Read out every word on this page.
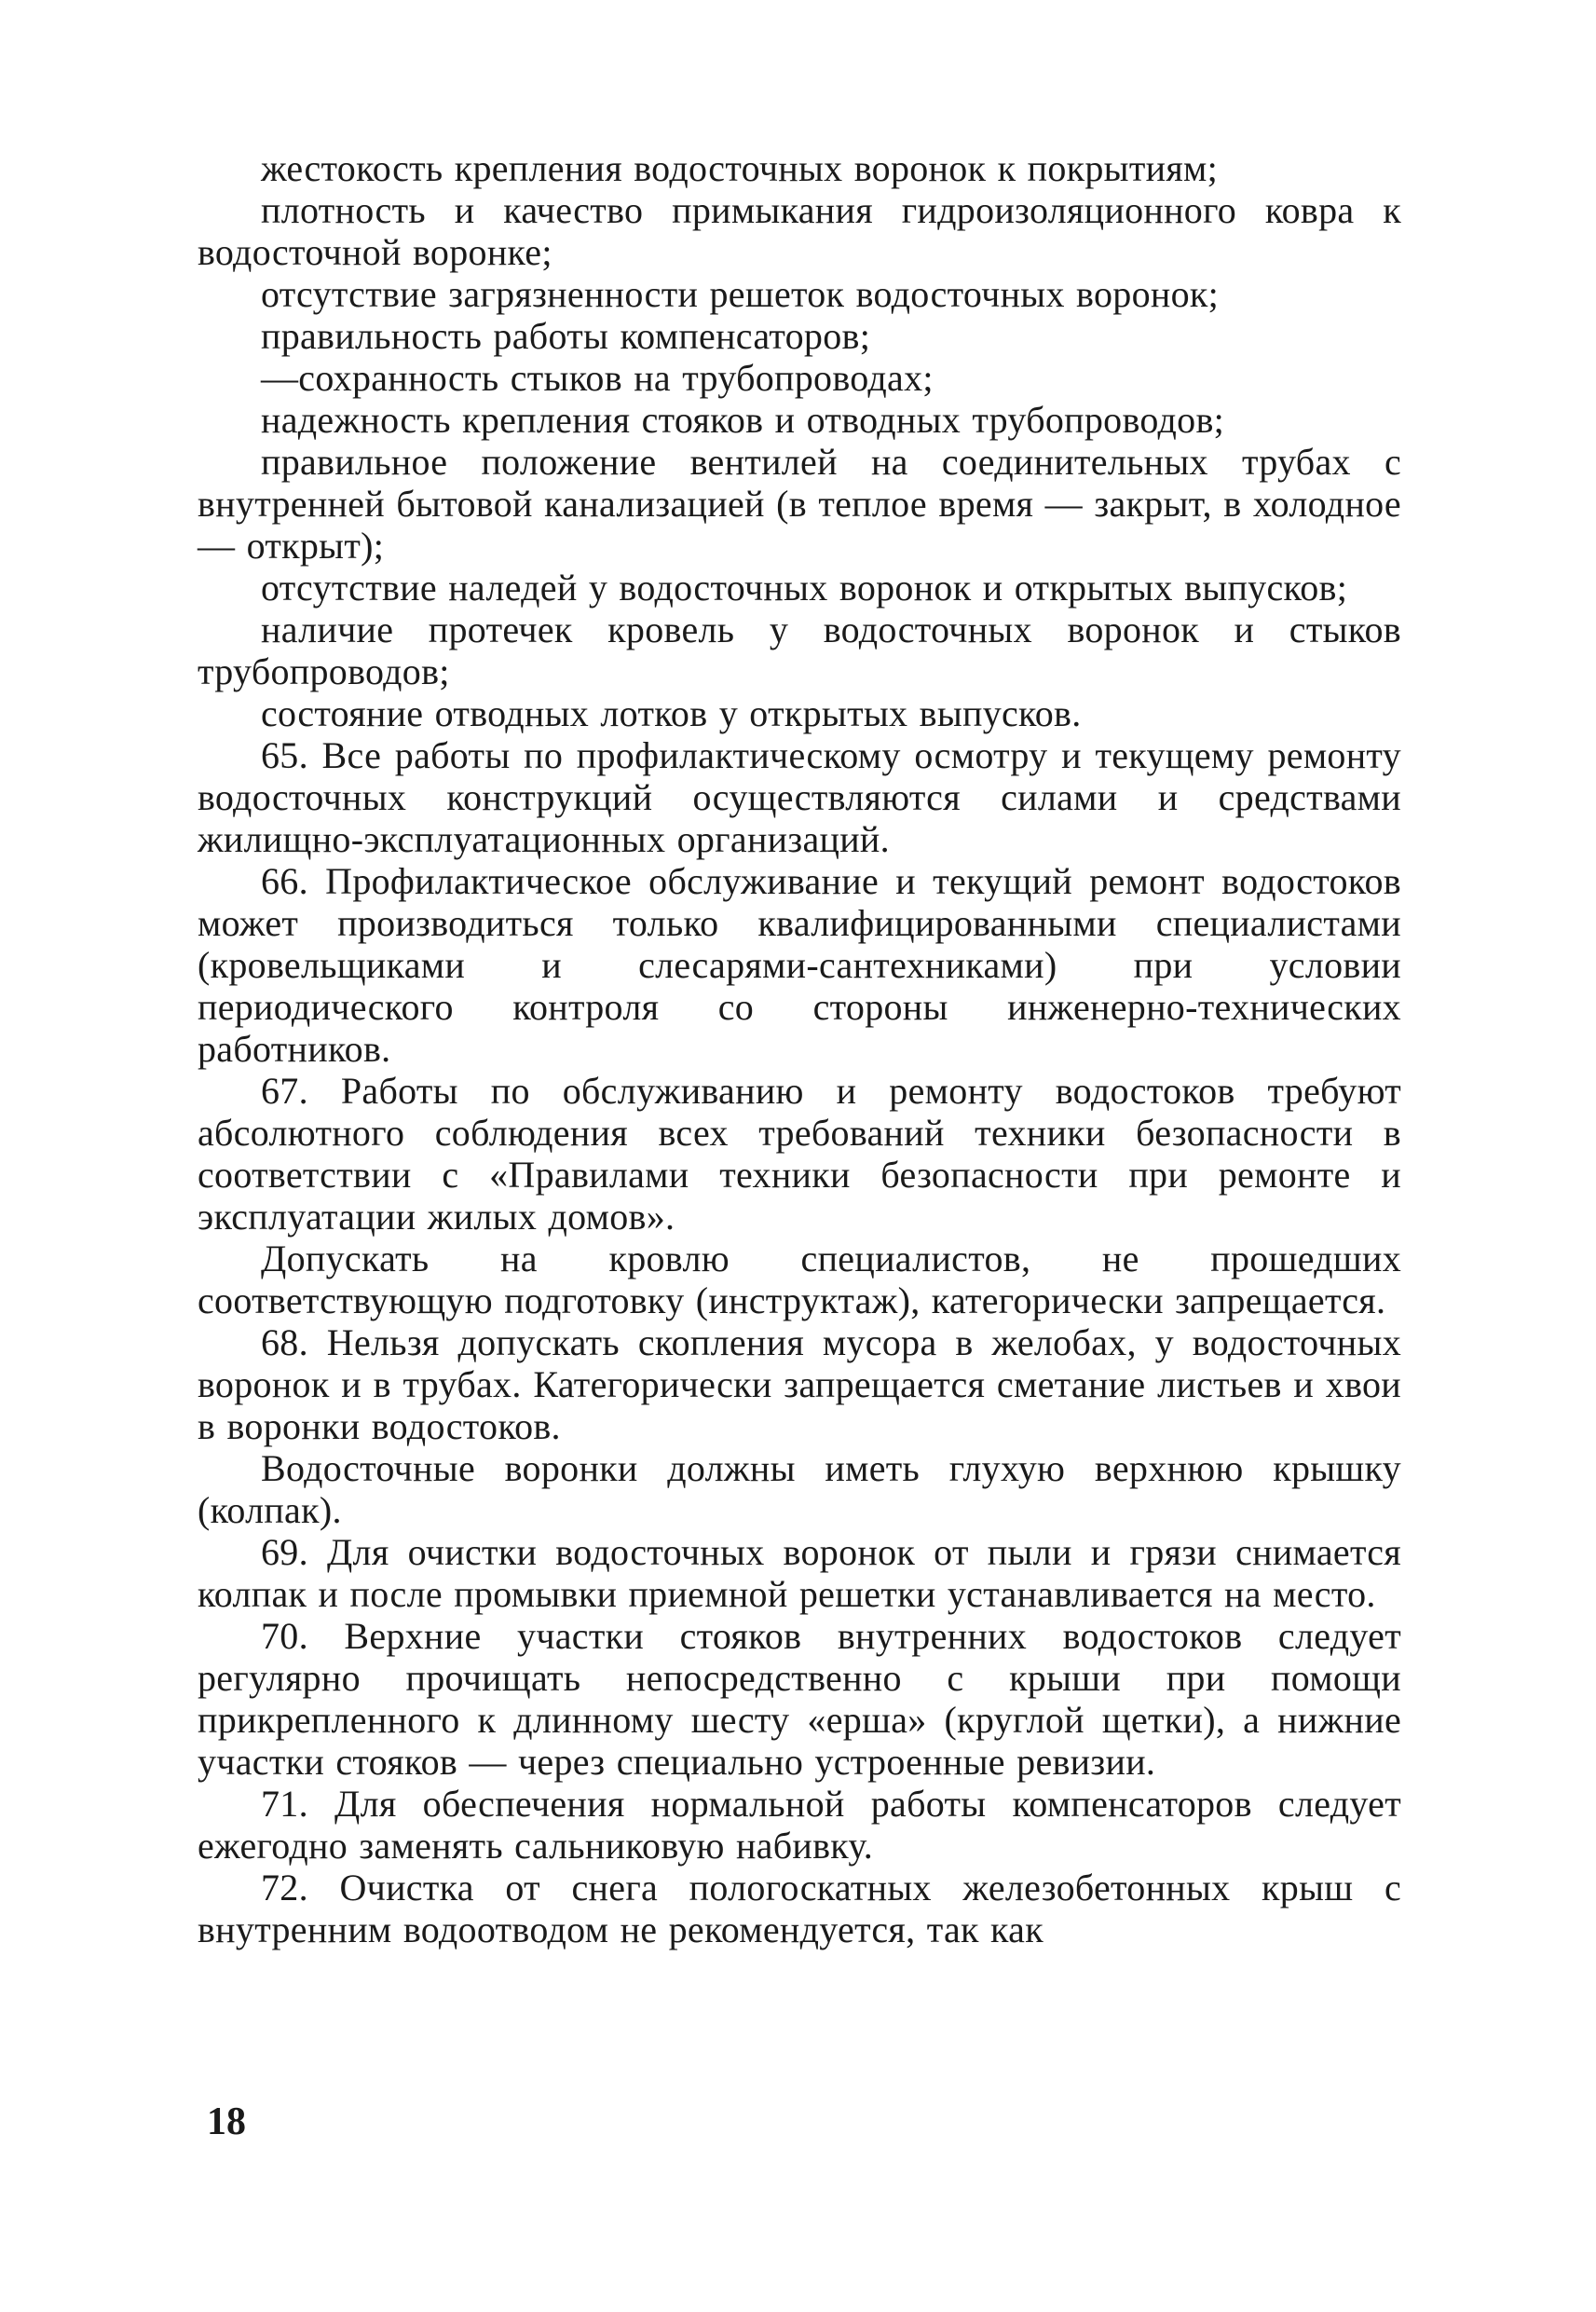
жестокость крепления водосточных воронок к покрытиям;

плотность и качество примыкания гидроизоляционного ковра к водосточной воронке;

отсутствие загрязненности решеток водосточных воронок;

правильность работы компенсаторов;

—сохранность стыков на трубопроводах;

надежность крепления стояков и отводных трубопроводов;

правильное положение вентилей на соединительных трубах с внутренней бытовой канализацией (в теплое время — закрыт, в холодное — открыт);

отсутствие наледей у водосточных воронок и открытых выпусков;

наличие протечек кровель у водосточных воронок и стыков трубопроводов;

состояние отводных лотков у открытых выпусков.

65. Все работы по профилактическому осмотру и текущему ремонту водосточных конструкций осуществляются силами и средствами жилищно-эксплуатационных организаций.

66. Профилактическое обслуживание и текущий ремонт водостоков может производиться только квалифицированными специалистами (кровельщиками и слесарями-сантехниками) при условии периодического контроля со стороны инженерно-технических работников.

67. Работы по обслуживанию и ремонту водостоков требуют абсолютного соблюдения всех требований техники безопасности в соответствии с «Правилами техники безопасности при ремонте и эксплуатации жилых домов».

Допускать на кровлю специалистов, не прошедших соответствующую подготовку (инструктаж), категорически запрещается.

68. Нельзя допускать скопления мусора в желобах, у водосточных воронок и в трубах. Категорически запрещается сметание листьев и хвои в воронки водостоков.

Водосточные воронки должны иметь глухую верхнюю крышку (колпак).

69. Для очистки водосточных воронок от пыли и грязи снимается колпак и после промывки приемной решетки устанавливается на место.

70. Верхние участки стояков внутренних водостоков следует регулярно прочищать непосредственно с крыши при помощи прикрепленного к длинному шесту «ерша» (круглой щетки), а нижние участки стояков — через специально устроенные ревизии.

71. Для обеспечения нормальной работы компенсаторов следует ежегодно заменять сальниковую набивку.

72. Очистка от снега пологоскатных железобетонных крыш с внутренним водоотводом не рекомендуется, так как

18
